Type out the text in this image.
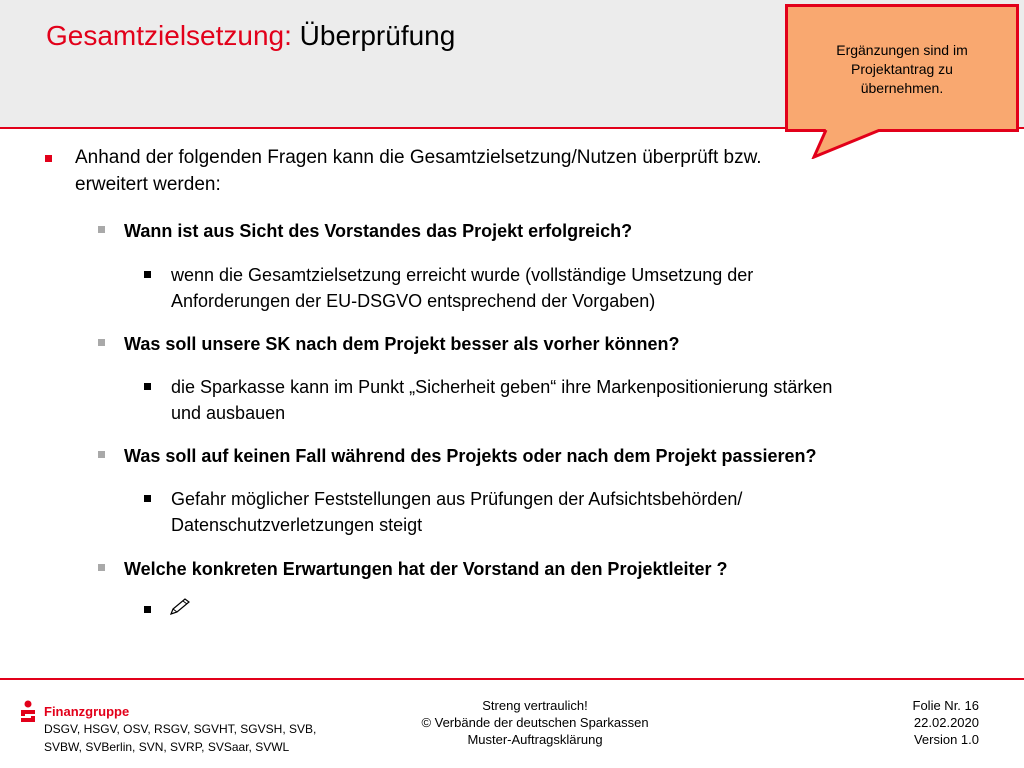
Gesamtzielsetzung: Überprüfung
Anhand der folgenden Fragen kann die Gesamtzielsetzung/Nutzen überprüft bzw.
erweitert werden:
Wann ist aus Sicht des Vorstandes das Projekt erfolgreich?
wenn die Gesamtzielsetzung erreicht wurde (vollständige Umsetzung der
Anforderungen der EU-DSGVO entsprechend der Vorgaben)
Was soll unsere SK nach dem Projekt besser als vorher können?
die Sparkasse kann im Punkt „Sicherheit geben“ ihre Markenpositionierung stärken
und ausbauen
Was soll auf keinen Fall während des Projekts oder nach dem Projekt passieren?
Gefahr möglicher Feststellungen aus Prüfungen der Aufsichtsbehörden/
Datenschutzverletzungen steigt
Welche konkreten Erwartungen hat der Vorstand an den Projektleiter ?
Ergänzungen sind im
Projektantrag zu
übernehmen.
Finanzgruppe
DSGV, HSGV, OSV, RSGV, SGVHT, SGVSH, SVB,
SVBW, SVBerlin, SVN, SVRP, SVSaar, SVWL
Streng vertraulich!
© Verbände der deutschen Sparkassen
Muster-Auftragsklärung
Folie Nr. 16
22.02.2020
Version 1.0
